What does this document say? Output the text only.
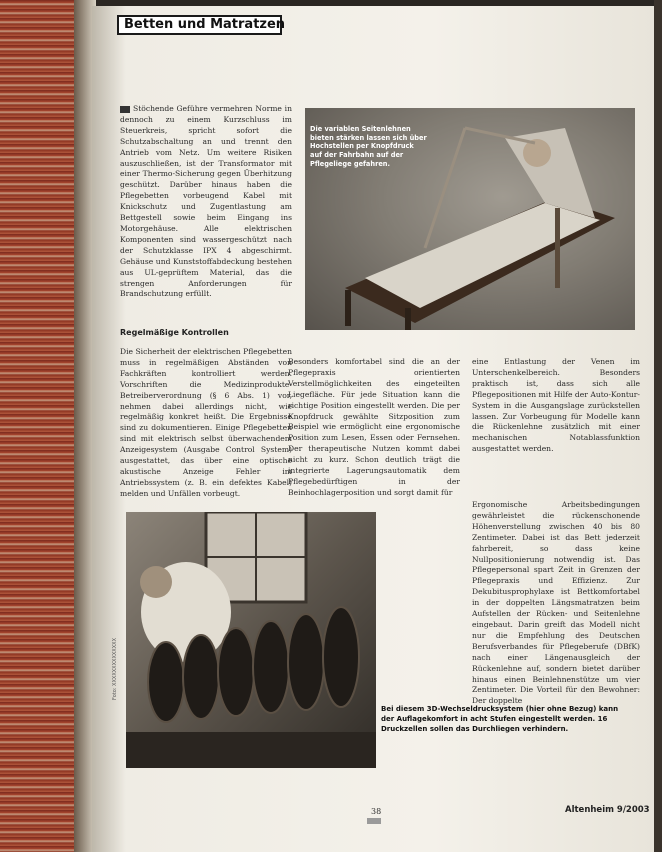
Betten und Matratzen

Stöchende Geführe vermehren Norme in dennoch zu einem Kurzschluss im Steuerkreis, spricht sofort die Schutzabschaltung an und trennt den Antrieb vom Netz. Um weitere Risiken auszuschließen, ist der Transformator mit einer Thermo-Sicherung gegen Überhitzung geschützt. Darüber hinaus haben die Pflegebetten vorbeugend Kabel mit Knickschutz und Zugentlastung am Bettgestell sowie beim Eingang ins Motorgehäuse. Alle elektrischen Komponenten sind wassergeschützt nach der Schutzklasse IPX 4 abgeschirmt. Gehäuse und Kunststoffabdeckung bestehen aus UL-geprüftem Material, das die strengen Anforderungen für Brandschutzung erfüllt.

Regelmäßige Kontrollen

Die Sicherheit der elektrischen Pflegebetten muss in regelmäßigen Abständen von Fachkräften kontrolliert werden. Vorschriften die Medizinprodukte-Betreiberverordnung (§ 6 Abs. 1) vor, nehmen dabei allerdings nicht, wie regelmäßig konkret heißt. Die Ergebnisse sind zu dokumentieren. Einige Pflegebetten sind mit elektrisch selbst überwachendem Anzeigesystem (Ausgabe Control System) ausgestattet, das über eine optische akustische Anzeige Fehler im Antriebssystem (z. B. ein defektes Kabel) melden und Unfällen vorbeugt.

Besonders komfortabel sind die an der Pflegepraxis orientierten Verstellmöglichkeiten des eingeteilten Liegefläche. Für jede Situation kann die richtige Position eingestellt werden. Die per Knopfdruck gewählte Sitzposition zum Beispiel wie ermöglicht eine ergonomische Position zum Lesen, Essen oder Fernsehen. Der therapeutische Nutzen kommt dabei nicht zu kurz. Schon deutlich trägt die integrierte Lagerungsautomatik dem Pflegebedürftigen in der Beinhochlagerposition und sorgt damit für

eine Entlastung der Venen im Unterschenkelbereich. Besonders praktisch ist, dass sich alle Pflegepositionen mit Hilfe der Auto-Kontur-System in die Ausgangslage zurückstellen lassen. Zur Vorbeugung für Modelle kann die Rückenlehne zusätzlich mit einer mechanischen Notablassfunktion ausgestattet werden.

Ergonomische Arbeitsbedingungen gewährleistet die rückenschonende Höhenverstellung zwischen 40 bis 80 Zentimeter. Dabei ist das Bett jederzeit fahrbereit, so dass keine Nullpositionierung notwendig ist. Das Pflegepersonal spart Zeit in Grenzen der Pflegepraxis und Effizienz. Zur Dekubitusprophylaxe ist Bettkomfortabel in der doppelten Längsmatratzen beim Aufstellen der Rücken- und Seitenlehne eingebaut. Darin greift das Modell nicht nur die Empfehlung des Deutschen Berufsverbandes für Pflegeberufe (DBfK) nach einer Längenausgleich der Rückenlehne auf, sondern bietet darüber hinaus einen Beinlehnenstütze um vier Zentimeter. Die Vorteil für den Bewohner: Der doppelte

Die variablen Seitenlehnen bieten stärken lassen sich über Hochstellen per Knopfdruck auf der Fahrbahn auf der Pflegeliege gefahren.
Bei diesem 3D-Wechseldrucksystem (hier ohne Bezug) kann der Auflagekomfort in acht Stufen eingestellt werden. 16 Druckzellen sollen das Durchliegen verhindern.
Foto: XXXXXXXXXXXXXX
38	Altenheim 9/2003
